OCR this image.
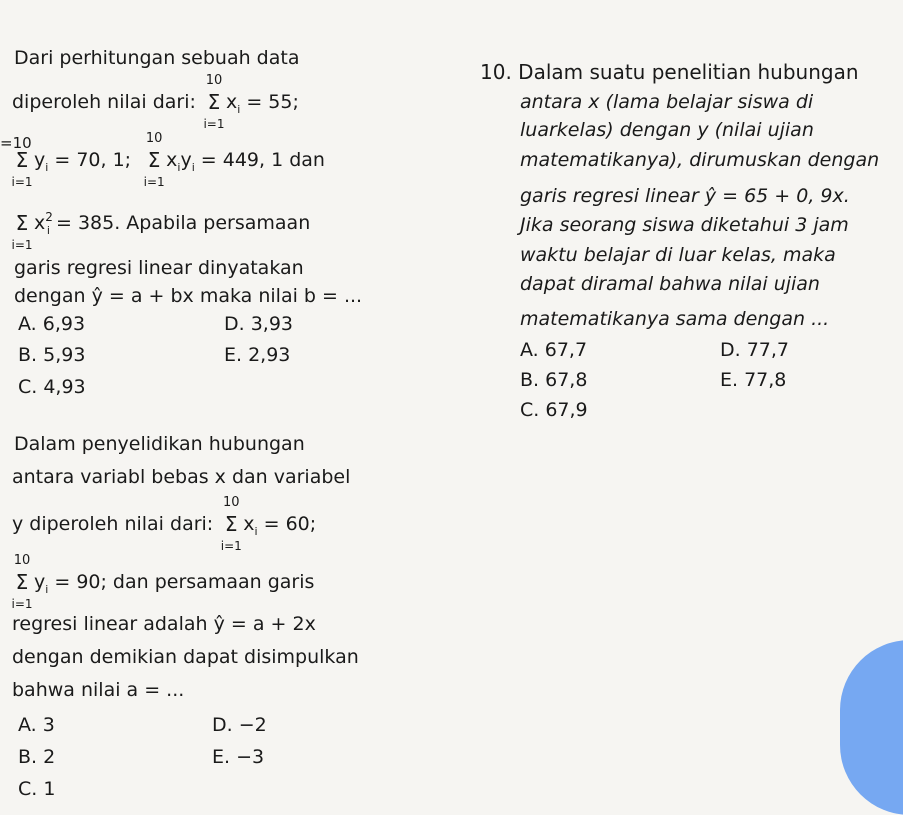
Dari perhitungan sebuah data
diperoleh nilai dari:
10
Σ
i=1
$x_i = 55$;
=10
Σ
i=1
$y_i = 70$, 1;
10
Σ
i=1
$x_iy_i = 449$, 1 dan
Σ
i=1
$x^2_i = 385$. Apabila persamaan
garis regresi linear dinyatakan
dengan ŷ = a + bx maka nilai b = ...
A. 6,93
B. 5,93
C. 4,93
D. 3,93
E. 2,93
Dalam penyelidikan hubungan
antara variabl bebas x dan variabel
y diperoleh nilai dari:
10
Σ
i=1
$x_i = 60$;
10
Σ
i=1
$y_i = 90$; dan persamaan garis
regresi linear adalah ŷ = a + 2x
dengan demikian dapat disimpulkan
bahwa nilai a = ...
A. 3
B. 2
C. 1
D. −2
E. −3
10. Dalam suatu penelitian hubungan
antara x (lama belajar siswa di
luarkelas) dengan y (nilai ujian
matematikanya), dirumuskan dengan
garis regresi linear ŷ = 65 + 0, 9x.
Jika seorang siswa diketahui 3 jam
waktu belajar di luar kelas, maka
dapat diramal bahwa nilai ujian
matematikanya sama dengan ...
A. 67,7
B. 67,8
C. 67,9
D. 77,7
E. 77,8
